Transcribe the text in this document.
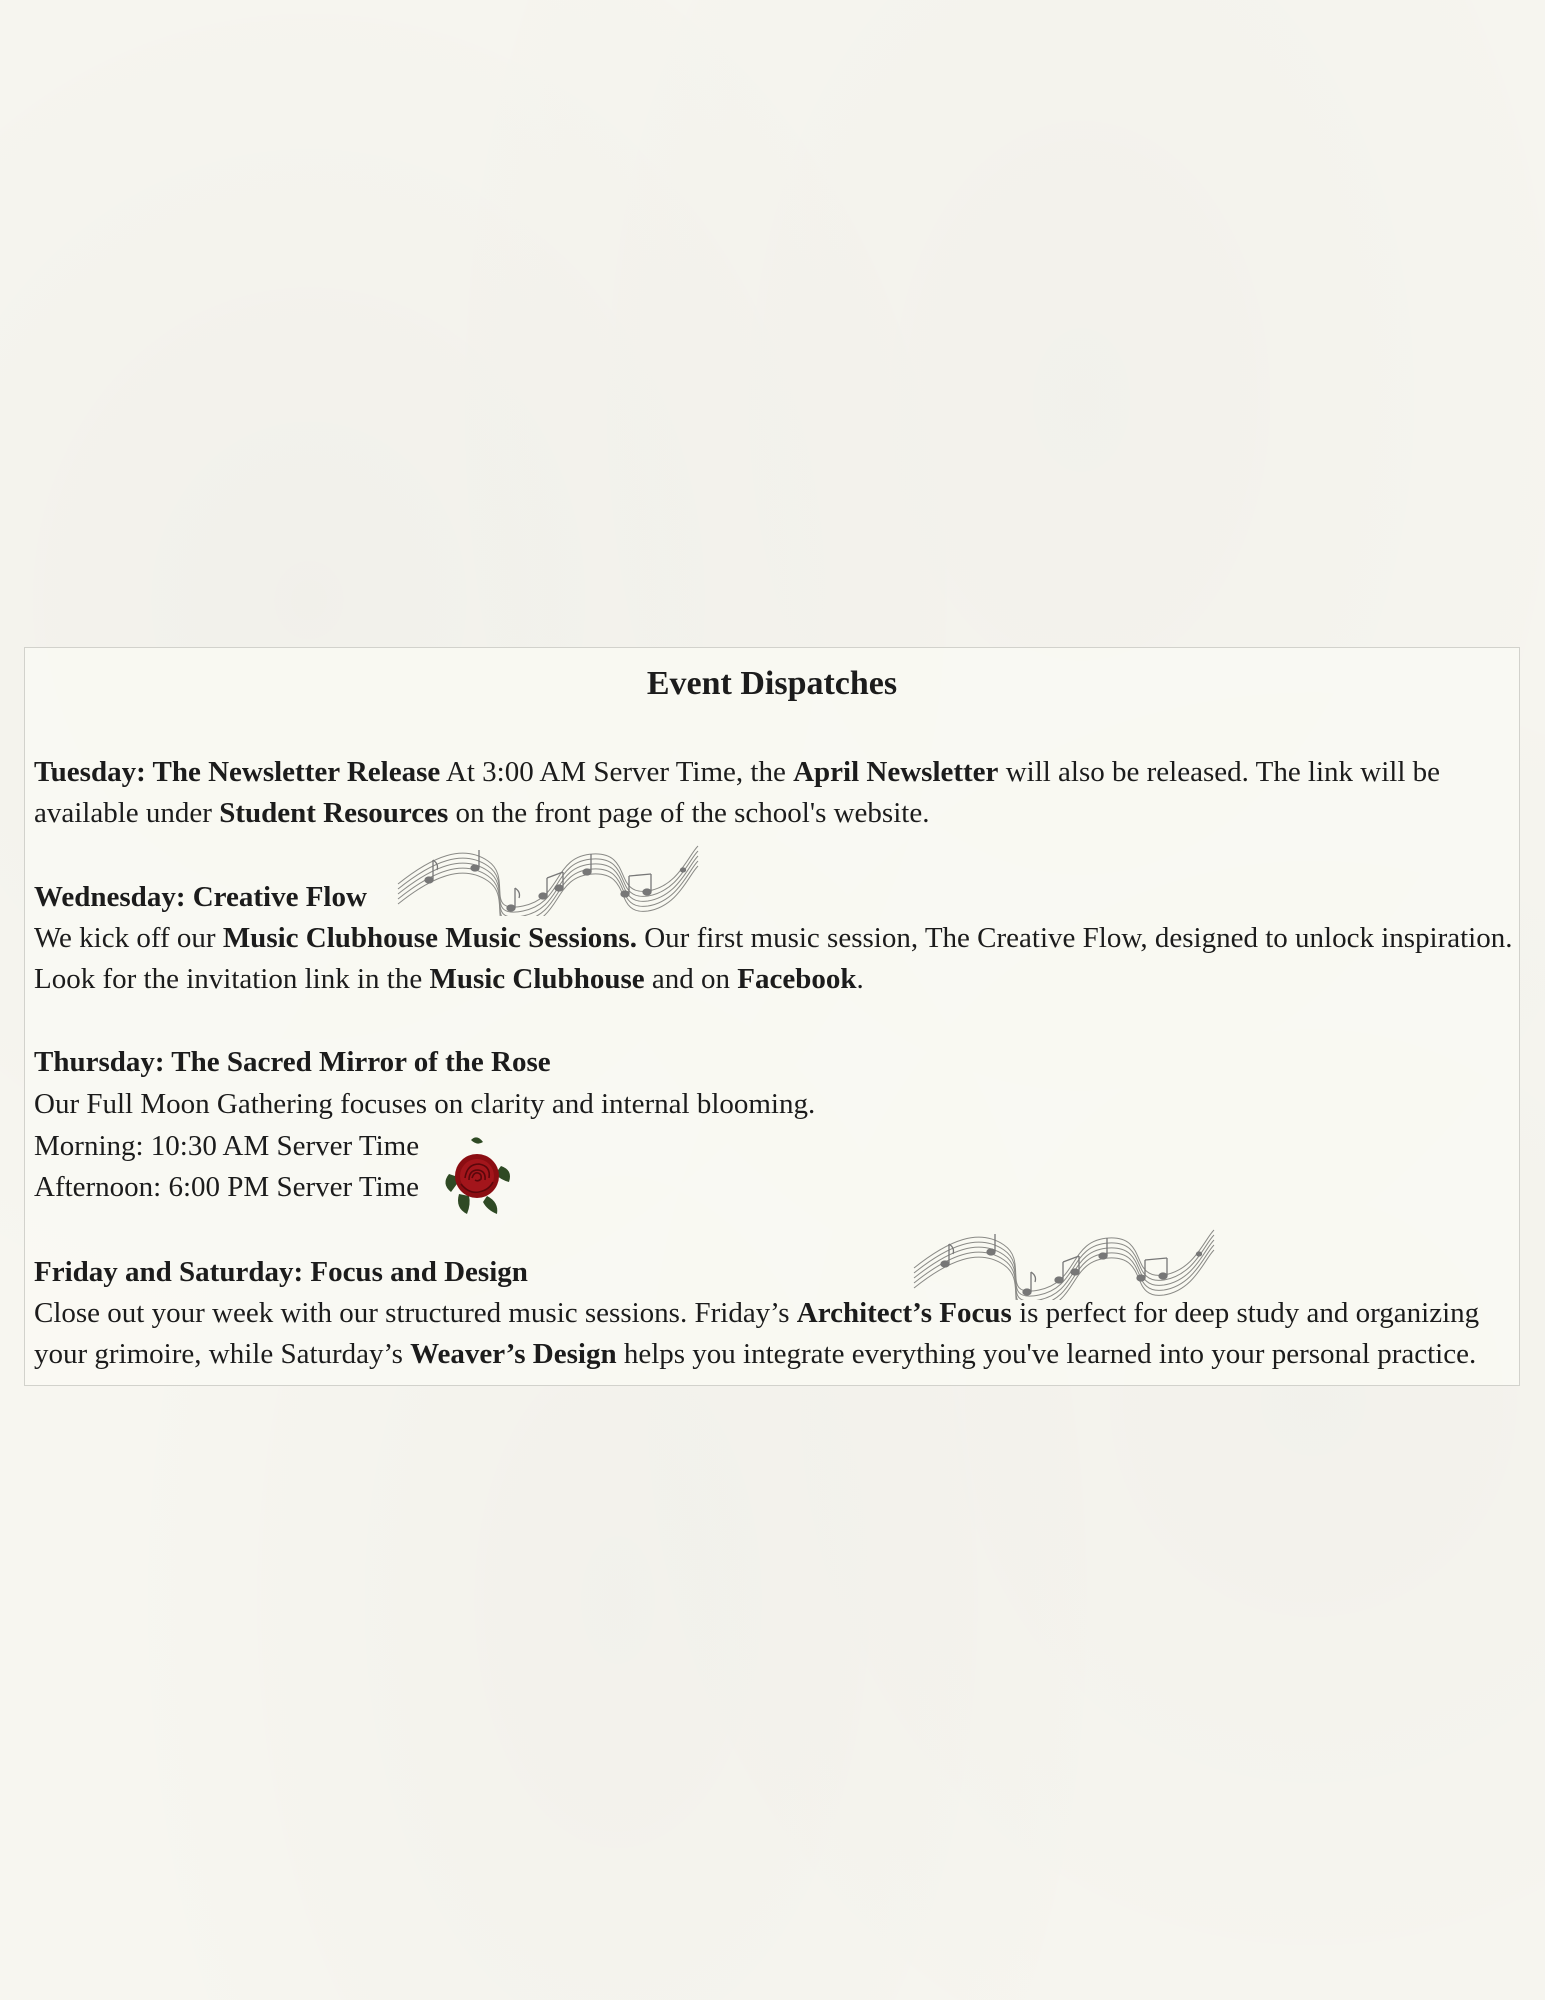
Event Dispatches

Tuesday: The Newsletter Release At 3:00 AM Server Time, the April Newsletter will also be released. The link will be

available under Student Resources on the front page of the school's website.

Wednesday: Creative Flow

We kick off our Music Clubhouse Music Sessions. Our first music session, The Creative Flow, designed to unlock inspiration.

Look for the invitation link in the Music Clubhouse and on Facebook.

Thursday: The Sacred Mirror of the Rose

Our Full Moon Gathering focuses on clarity and internal blooming.

Morning: 10:30 AM Server Time

Afternoon: 6:00 PM Server Time

Friday and Saturday: Focus and Design

Close out your week with our structured music sessions. Friday’s Architect’s Focus is perfect for deep study and organizing

your grimoire, while Saturday’s Weaver’s Design helps you integrate everything you've learned into your personal practice.
